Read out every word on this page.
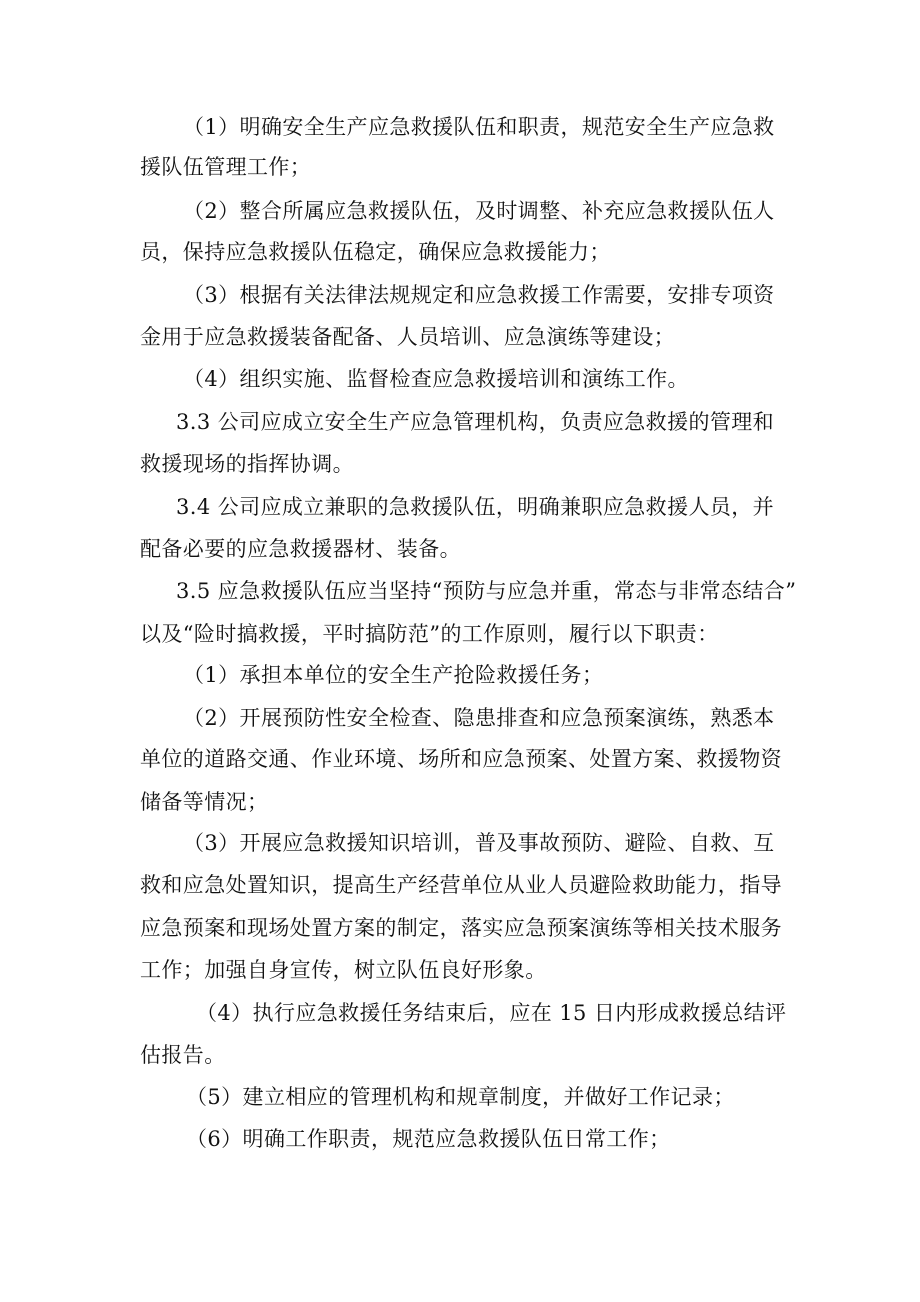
（1）明确安全生产应急救援队伍和职责，规范安全生产应急救
援队伍管理工作；
（2）整合所属应急救援队伍，及时调整、补充应急救援队伍人
员，保持应急救援队伍稳定，确保应急救援能力；
（3）根据有关法律法规规定和应急救援工作需要，安排专项资
金用于应急救援装备配备、人员培训、应急演练等建设；
（4）组织实施、监督检查应急救援培训和演练工作。
3.3 公司应成立安全生产应急管理机构，负责应急救援的管理和
救援现场的指挥协调。
3.4 公司应成立兼职的急救援队伍，明确兼职应急救援人员，并
配备必要的应急救援器材、装备。
3.5 应急救援队伍应当坚持“预防与应急并重，常态与非常态结合”
以及“险时搞救援，平时搞防范”的工作原则，履行以下职责：
（1）承担本单位的安全生产抢险救援任务；
（2）开展预防性安全检查、隐患排查和应急预案演练，熟悉本
单位的道路交通、作业环境、场所和应急预案、处置方案、救援物资
储备等情况；
（3）开展应急救援知识培训，普及事故预防、避险、自救、互
救和应急处置知识，提高生产经营单位从业人员避险救助能力，指导
应急预案和现场处置方案的制定，落实应急预案演练等相关技术服务
工作；加强自身宣传，树立队伍良好形象。
（4）执行应急救援任务结束后，应在 15 日内形成救援总结评
估报告。
（5）建立相应的管理机构和规章制度，并做好工作记录；
（6）明确工作职责，规范应急救援队伍日常工作；
